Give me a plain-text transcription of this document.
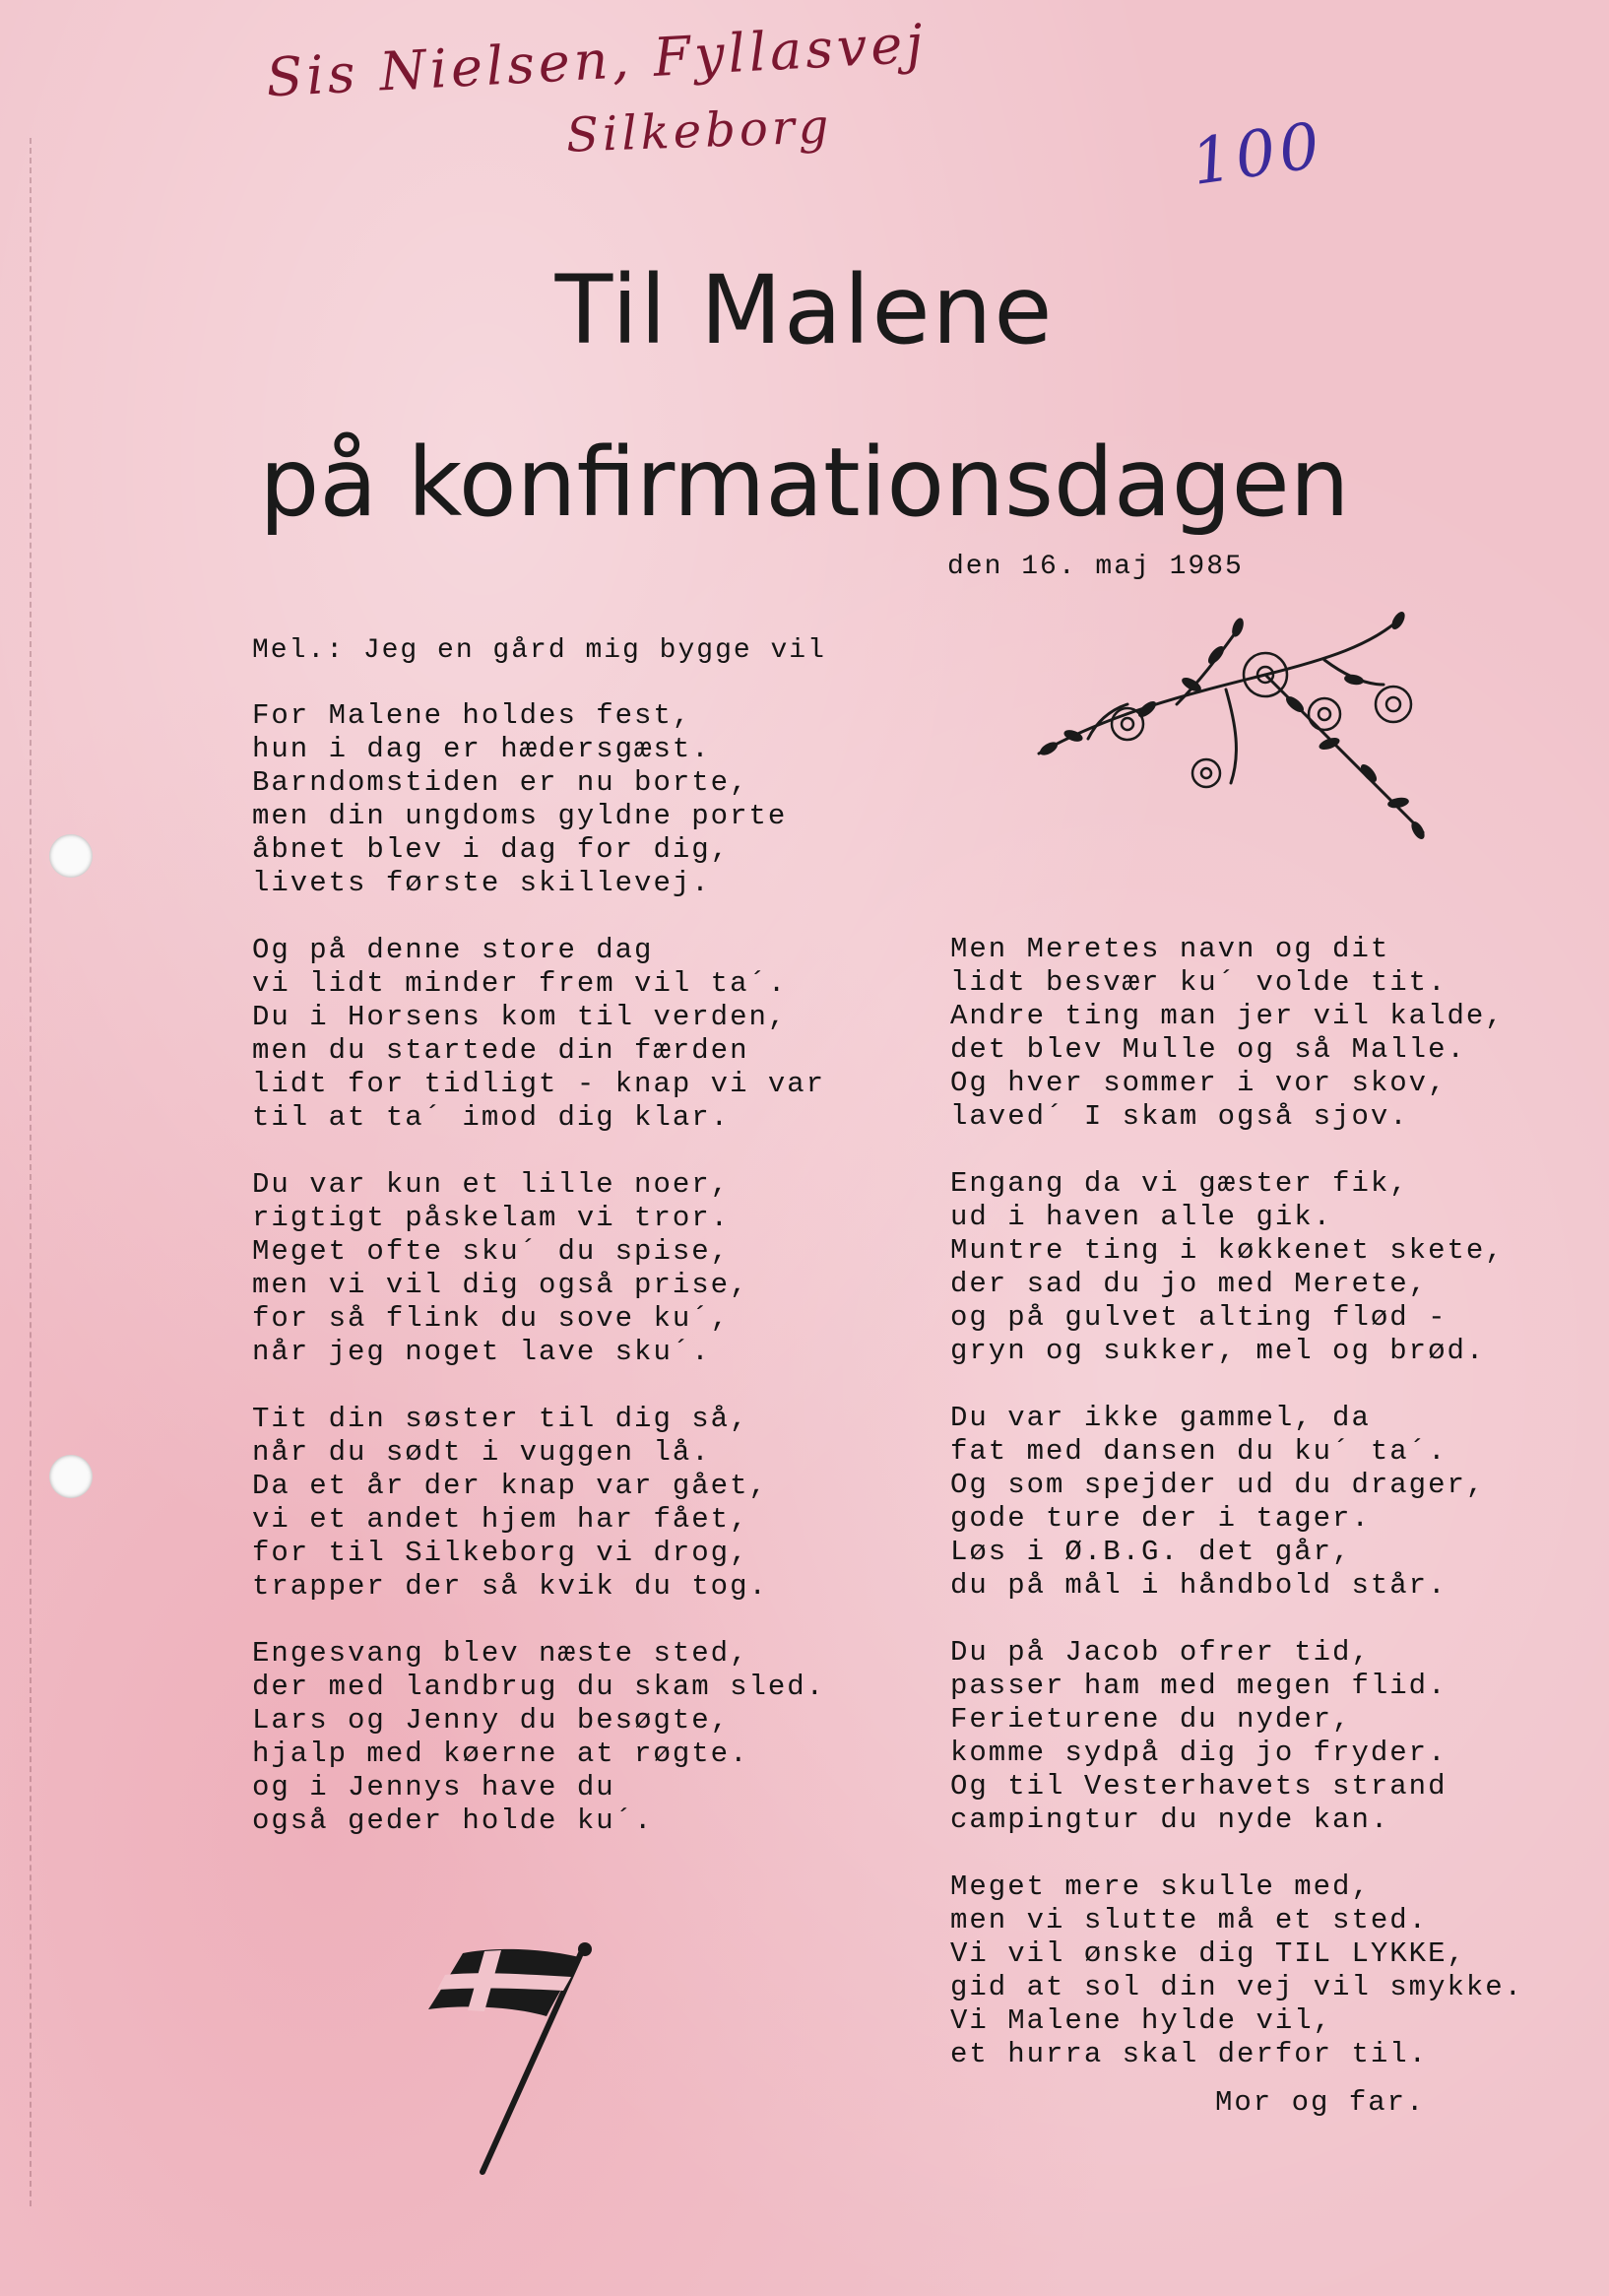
Sis Nielsen, Fyllasvej
Silkeborg	100
Til Malene
på konfirmationsdagen
den 16. maj 1985
Mel.: Jeg en gård mig bygge vil
For Malene holdes fest,
hun i dag er hædersgæst.
Barndomstiden er nu borte,
men din ungdoms gyldne porte
åbnet blev i dag for dig,
livets første skillevej.
Og på denne store dag
vi lidt minder frem vil ta´.
Du i Horsens kom til verden,
men du startede din færden
lidt for tidligt - knap vi var
til at ta´ imod dig klar.
Du var kun et lille noer,
rigtigt påskelam vi tror.
Meget ofte sku´ du spise,
men vi vil dig også prise,
for så flink du sove ku´,
når jeg noget lave sku´.
Tit din søster til dig så,
når du sødt i vuggen lå.
Da et år der knap var gået,
vi et andet hjem har fået,
for til Silkeborg vi drog,
trapper der så kvik du tog.
Engesvang blev næste sted,
der med landbrug du skam sled.
Lars og Jenny du besøgte,
hjalp med køerne at røgte.
og i Jennys have du
også geder holde ku´.
Men Meretes navn og dit
lidt besvær ku´ volde tit.
Andre ting man jer vil kalde,
det blev Mulle og så Malle.
Og hver sommer i vor skov,
laved´ I skam også sjov.
Engang da vi gæster fik,
ud i haven alle gik.
Muntre ting i køkkenet skete,
der sad du jo med Merete,
og på gulvet alting flød -
gryn og sukker, mel og brød.
Du var ikke gammel, da
fat med dansen du ku´ ta´.
Og som spejder ud du drager,
gode ture der i tager.
Løs i Ø.B.G. det går,
du på mål i håndbold står.
Du på Jacob ofrer tid,
passer ham med megen flid.
Ferieturene du nyder,
komme sydpå dig jo fryder.
Og til Vesterhavets strand
campingtur du nyde kan.
Meget mere skulle med,
men vi slutte må et sted.
Vi vil ønske dig TIL LYKKE,
gid at sol din vej vil smykke.
Vi Malene hylde vil,
et hurra skal derfor til.
Mor og far.
